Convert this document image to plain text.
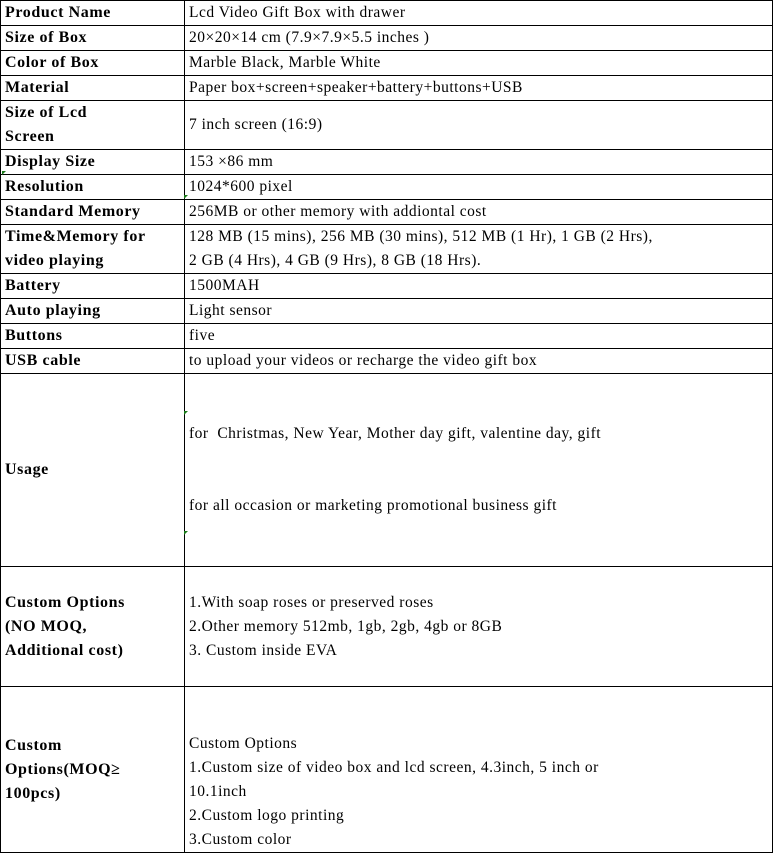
Product Name	Lcd Video Gift Box with drawer

Size of Box	20×20×14 cm (7.9×7.9×5.5 inches )

Color of Box	Marble Black, Marble White

Material	Paper box+screen+speaker+battery+buttons+USB

Size of Lcd
Screen	7 inch screen (16:9)

Display Size	153 ×86 mm

Resolution	1024*600 pixel

Standard Memory	256MB or other memory with addiontal cost

Time&Memory for
video playing	128 MB (15 mins), 256 MB (30 mins), 512 MB (1 Hr), 1 GB (2 Hrs),
2 GB (4 Hrs), 4 GB (9 Hrs), 8 GB (18 Hrs).

Battery	1500MAH

Auto playing	Light sensor

Buttons	five

USB cable	to upload your videos or recharge the video gift box

Usage	for  Christmas, New Year, Mother day gift, valentine day, gift

for all occasion or marketing promotional business gift

Custom Options
(NO MOQ,
Additional cost)	1.With soap roses or preserved roses
2.Other memory 512mb, 1gb, 2gb, 4gb or 8GB
3. Custom inside EVA

Custom
Options(MOQ≥
100pcs)	Custom Options
1.Custom size of video box and lcd screen, 4.3inch, 5 inch or
10.1inch
2.Custom logo printing
3.Custom color
